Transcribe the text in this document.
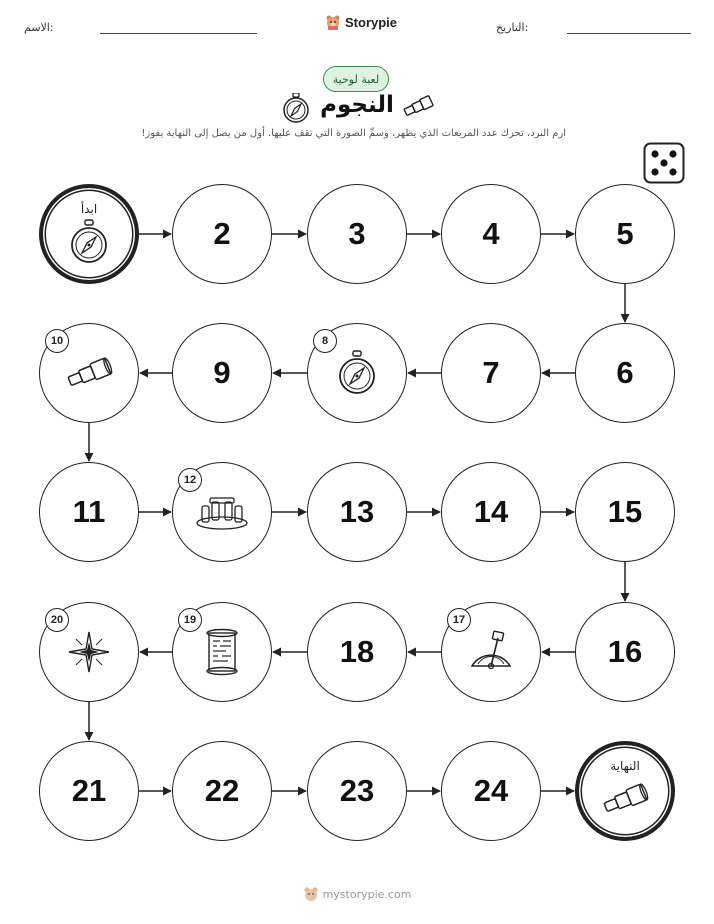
الاسم:	Storypie	التاريخ:
لعبة لوحية
النجوم
ارم النرد، تحرك عدد المربعات الذي يظهر، وسمِّ الصورة التي تقف عليها. أول من يصل إلى النهاية يفوز!
ابدأ
2	3	4	5
6
7
8
9
10
11
12
13	14	15
16
17
18
19
20
21	22	23	24
النهاية
mystorypie.com
